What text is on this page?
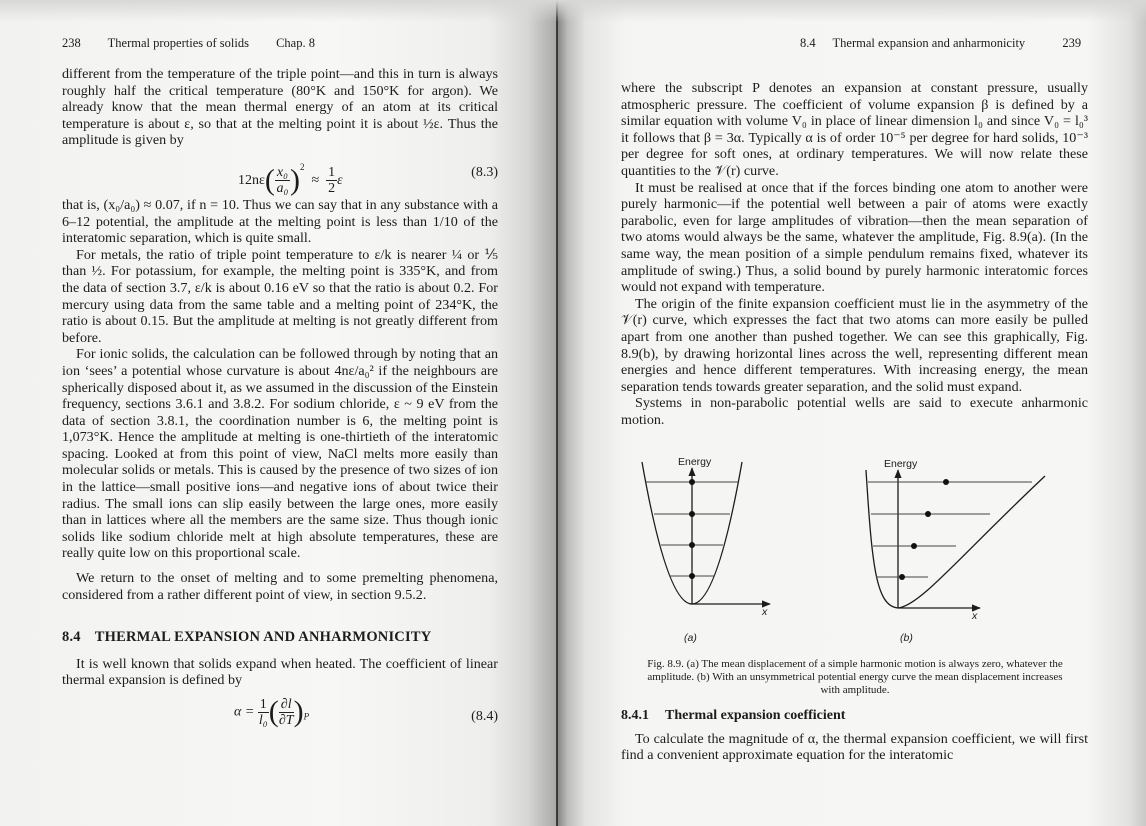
238 Thermal properties of solids Chap. 8

different from the temperature of the triple point—and this in turn is always roughly half the critical temperature (80°K and 150°K for argon). We already know that the mean thermal energy of an atom at its critical temperature is about ε, so that at the melting point it is about ½ε. Thus the amplitude is given by

$12n\varepsilon( \frac{\text{x₀}}{\text{a₀}} )^2 \approx \frac{1}{2}$ ε
(8.3)

that is, (x₀/a₀) ≈ 0.07, if n = 10. Thus we can say that in any substance with a 6–12 potential, the amplitude at the melting point is less than 1/10 of the interatomic separation, which is quite small.

For metals, the ratio of triple point temperature to ε/k is nearer ¼ or ⅕ than ½. For potassium, for example, the melting point is 335°K, and from the data of section 3.7, ε/k is about 0.16 eV so that the ratio is about 0.2. For mercury using data from the same table and a melting point of 234°K, the ratio is about 0.15. But the amplitude at melting is not greatly different from before.

For ionic solids, the calculation can be followed through by noting that an ion ‘sees’ a potential whose curvature is about 4nε/a₀² if the neighbours are spherically disposed about it, as we assumed in the discussion of the Einstein frequency, sections 3.6.1 and 3.8.2. For sodium chloride, ε ~ 9 eV from the data of section 3.8.1, the coordination number is 6, the melting point is 1,073°K. Hence the amplitude at melting is one-thirtieth of the interatomic spacing. Looked at from this point of view, NaCl melts more easily than molecular solids or metals. This is caused by the presence of two sizes of ion in the lattice—small positive ions—and negative ions of about twice their radius. The small ions can slip easily between the large ones, more easily than in lattices where all the members are the same size. Thus though ionic solids like sodium chloride melt at high absolute temperatures, these are really quite low on this proportional scale.

We return to the onset of melting and to some premelting phenomena, considered from a rather different point of view, in section 9.5.2.

8.4 THERMAL EXPANSION AND ANHARMONICITY

It is well known that solids expand when heated. The coefficient of linear thermal expansion is defined by

$\alpha = \frac{1}{\text{l₀}}$ ( $\frac{\partial l}{\partial T} )_P$	(8.4)
8.4 Thermal expansion and anharmonicity	239

where the subscript P denotes an expansion at constant pressure, usually atmospheric pressure. The coefficient of volume expansion β is defined by a similar equation with volume V₀ in place of linear dimension l₀ and since V₀ = l₀³ it follows that β = 3α. Typically α is of order 10⁻⁵ per degree for hard solids, 10⁻³ per degree for soft ones, at ordinary temperatures. We will now relate these quantities to the 𝒱(r) curve.

It must be realised at once that if the forces binding one atom to another were purely harmonic—if the potential well between a pair of atoms were exactly parabolic, even for large amplitudes of vibration—then the mean separation of two atoms would always be the same, whatever the amplitude, Fig. 8.9(a). (In the same way, the mean position of a simple pendulum remains fixed, whatever its amplitude of swing.) Thus, a solid bound by purely harmonic interatomic forces would not expand with temperature.

The origin of the finite expansion coefficient must lie in the asymmetry of the 𝒱(r) curve, which expresses the fact that two atoms can more easily be pulled apart from one another than pushed together. We can see this graphically, Fig. 8.9(b), by drawing horizontal lines across the well, representing different mean energies and hence different temperatures. With increasing energy, the mean separation tends towards greater separation, and the solid must expand.

Systems in non-parabolic potential wells are said to execute anharmonic motion.

Energy
x
(a)
Energy
x
(b)
Fig. 8.9. (a) The mean displacement of a simple harmonic motion is always zero, whatever the amplitude. (b) With an unsymmetrical potential energy curve the mean displacement increases with amplitude.
8.4.1 Thermal expansion coefficient

To calculate the magnitude of α, the thermal expansion coefficient, we will first find a convenient approximate equation for the interatomic
